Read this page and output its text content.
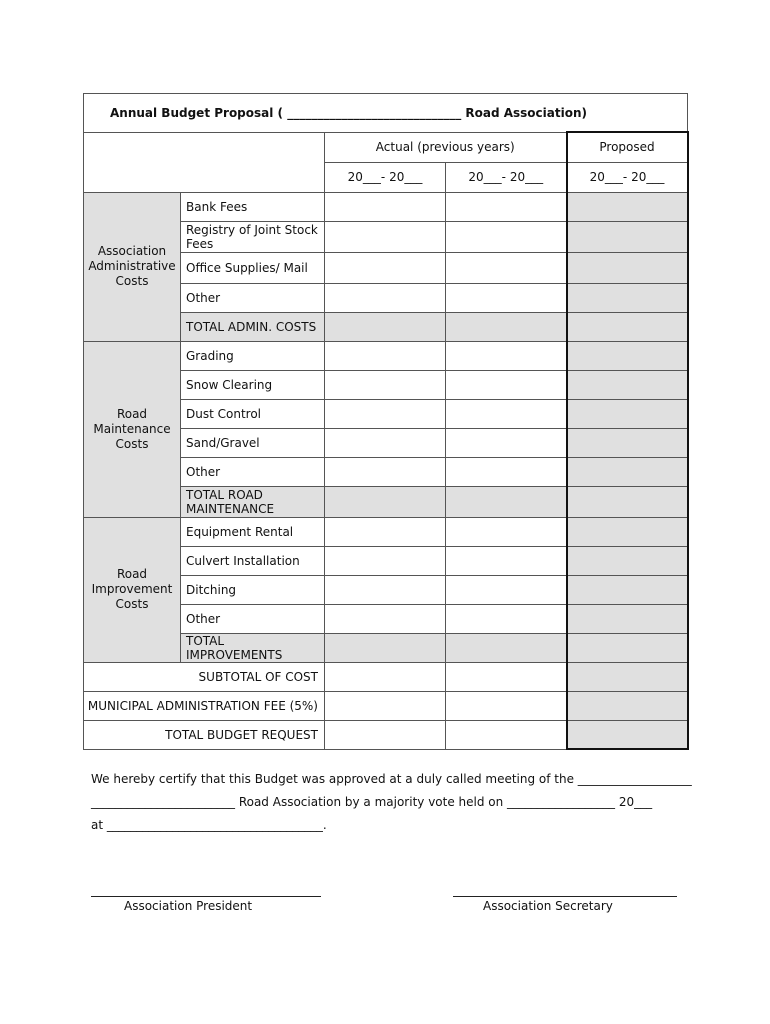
Annual Budget Proposal ( _____________________________ Road Association)				
		Actual (previous years)		Proposed
		20___- 20___	20___- 20___	20___- 20___

Association
Administrative
Costs	Bank Fees			
	Registry of Joint Stock Fees			
	Office Supplies/ Mail			
	Other			
	TOTAL ADMIN. COSTS			

Road
Maintenance
Costs	Grading			
	Snow Clearing			
	Dust Control			
	Sand/Gravel			
	Other			
	TOTAL ROAD MAINTENANCE			

Road
Improvement
Costs	Equipment Rental			
	Culvert Installation			
	Ditching			
	Other			
	TOTAL IMPROVEMENTS			
SUBTOTAL OF COST				
MUNICIPAL ADMINISTRATION FEE (5%)				
TOTAL BUDGET REQUEST				
We hereby certify that this Budget was approved at a duly called meeting of the ___________________
________________________ Road Association by a majority vote held on __________________ 20___
at ____________________________________.
Association President	Association Secretary
